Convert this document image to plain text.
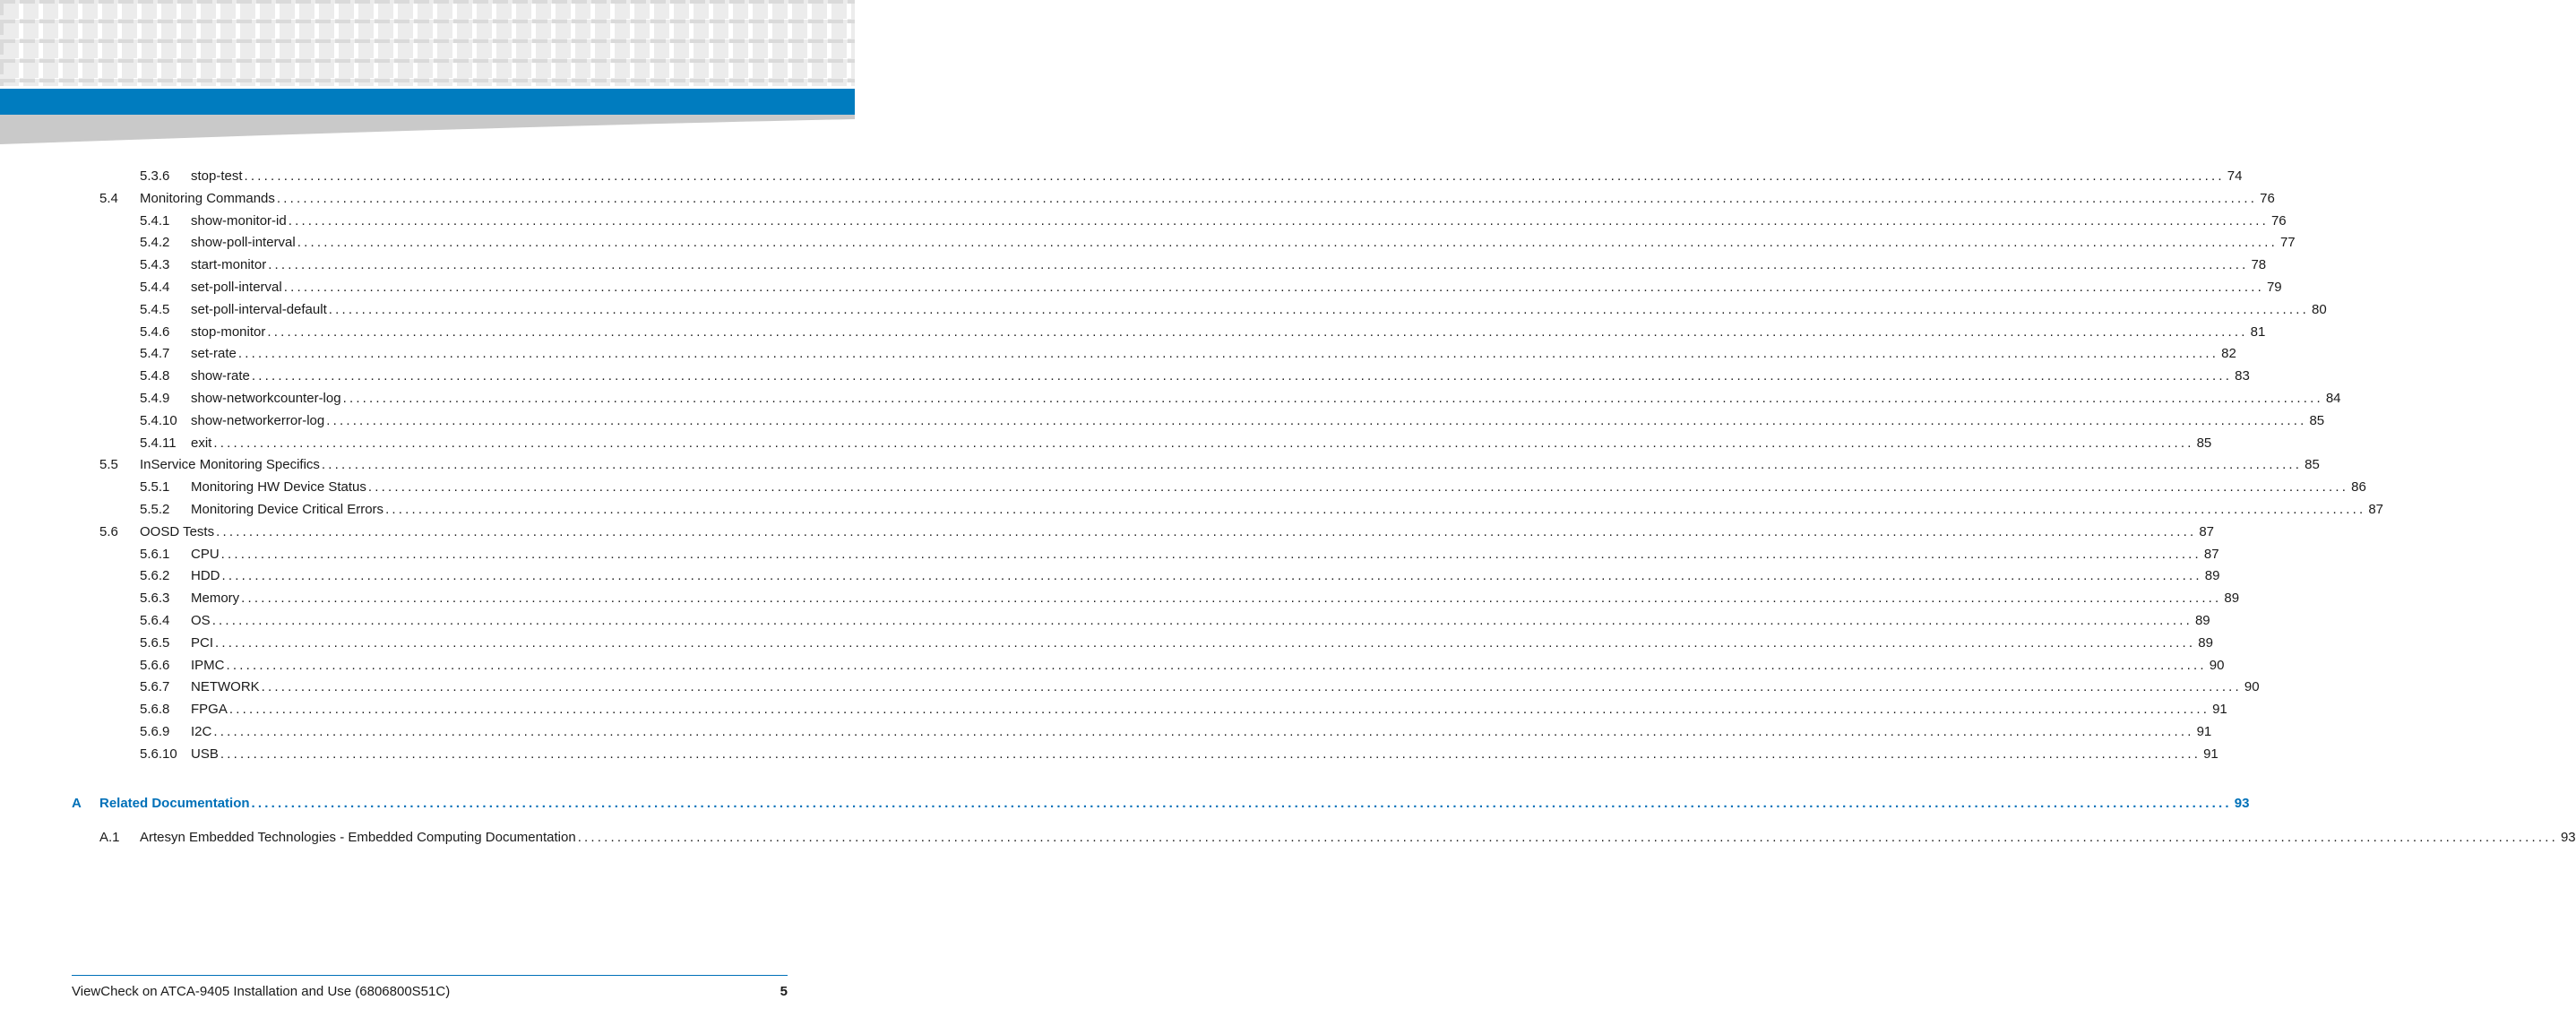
5.3.6	stop-test ............................................................................................................................................................................................................................................................................................................ 74
5.4	Monitoring Commands ............................................................................................................................................................................................................................................................................................................ 76
5.4.1	show-monitor-id ............................................................................................................................................................................................................................................................................................................ 76
5.4.2	show-poll-interval ............................................................................................................................................................................................................................................................................................................ 77
5.4.3	start-monitor ............................................................................................................................................................................................................................................................................................................ 78
5.4.4	set-poll-interval ............................................................................................................................................................................................................................................................................................................ 79
5.4.5	set-poll-interval-default ............................................................................................................................................................................................................................................................................................................ 80
5.4.6	stop-monitor ............................................................................................................................................................................................................................................................................................................ 81
5.4.7	set-rate ............................................................................................................................................................................................................................................................................................................ 82
5.4.8	show-rate ............................................................................................................................................................................................................................................................................................................ 83
5.4.9	show-networkcounter-log ............................................................................................................................................................................................................................................................................................................ 84
5.4.10	show-networkerror-log ............................................................................................................................................................................................................................................................................................................ 85
5.4.11	exit ............................................................................................................................................................................................................................................................................................................ 85
5.5	InService Monitoring Specifics ............................................................................................................................................................................................................................................................................................................ 85
5.5.1	Monitoring HW Device Status ............................................................................................................................................................................................................................................................................................................ 86
5.5.2	Monitoring Device Critical Errors ............................................................................................................................................................................................................................................................................................................ 87
5.6	OOSD Tests ............................................................................................................................................................................................................................................................................................................ 87
5.6.1	CPU ............................................................................................................................................................................................................................................................................................................ 87
5.6.2	HDD ............................................................................................................................................................................................................................................................................................................ 89
5.6.3	Memory ............................................................................................................................................................................................................................................................................................................ 89
5.6.4	OS ............................................................................................................................................................................................................................................................................................................ 89
5.6.5	PCI ............................................................................................................................................................................................................................................................................................................ 89
5.6.6	IPMC ............................................................................................................................................................................................................................................................................................................ 90
5.6.7	NETWORK ............................................................................................................................................................................................................................................................................................................ 90
5.6.8	FPGA ............................................................................................................................................................................................................................................................................................................ 91
5.6.9	I2C ............................................................................................................................................................................................................................................................................................................ 91
5.6.10	USB ............................................................................................................................................................................................................................................................................................................ 91
A	Related Documentation ............................................................................................................................................................................................................................................................................................................ 93
A.1	Artesyn Embedded Technologies - Embedded Computing Documentation ............................................................................................................................................................................................................................................................................................................ 93
ViewCheck on ATCA-9405 Installation and Use (6806800S51C)	5
